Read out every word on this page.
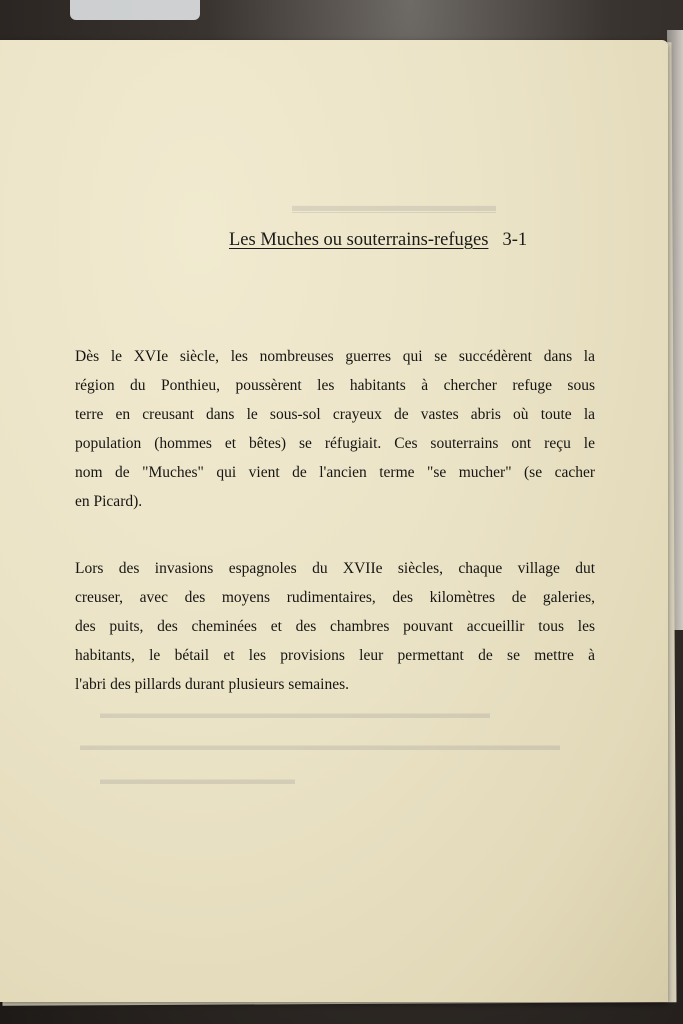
▬▬▬▬▬▬▬▬▬▬▬▬
▬▬▬▬▬▬▬▬▬▬▬▬▬▬▬▬▬▬▬▬▬▬▬▬▬▬
▬▬▬▬▬▬▬▬▬▬▬▬▬▬▬▬▬▬▬▬▬▬▬▬▬▬▬▬▬▬▬▬
▬▬▬▬▬▬▬▬▬▬▬▬▬
Les Muches ou souterrains-refuges 3-1
Dès le XVIe siècle, les nombreuses guerres qui se succédèrent dans la
région du Ponthieu, poussèrent les habitants à chercher refuge sous
terre en creusant dans le sous-sol crayeux de vastes abris où toute la
population (hommes et bêtes) se réfugiait. Ces souterrains ont reçu le
nom de "Muches" qui vient de l'ancien terme "se mucher" (se cacher
en Picard).
Lors des invasions espagnoles du XVIIe siècles, chaque village dut
creuser, avec des moyens rudimentaires, des kilomètres de galeries,
des puits, des cheminées et des chambres pouvant accueillir tous les
habitants, le bétail et les provisions leur permettant de se mettre à
l'abri des pillards durant plusieurs semaines.
